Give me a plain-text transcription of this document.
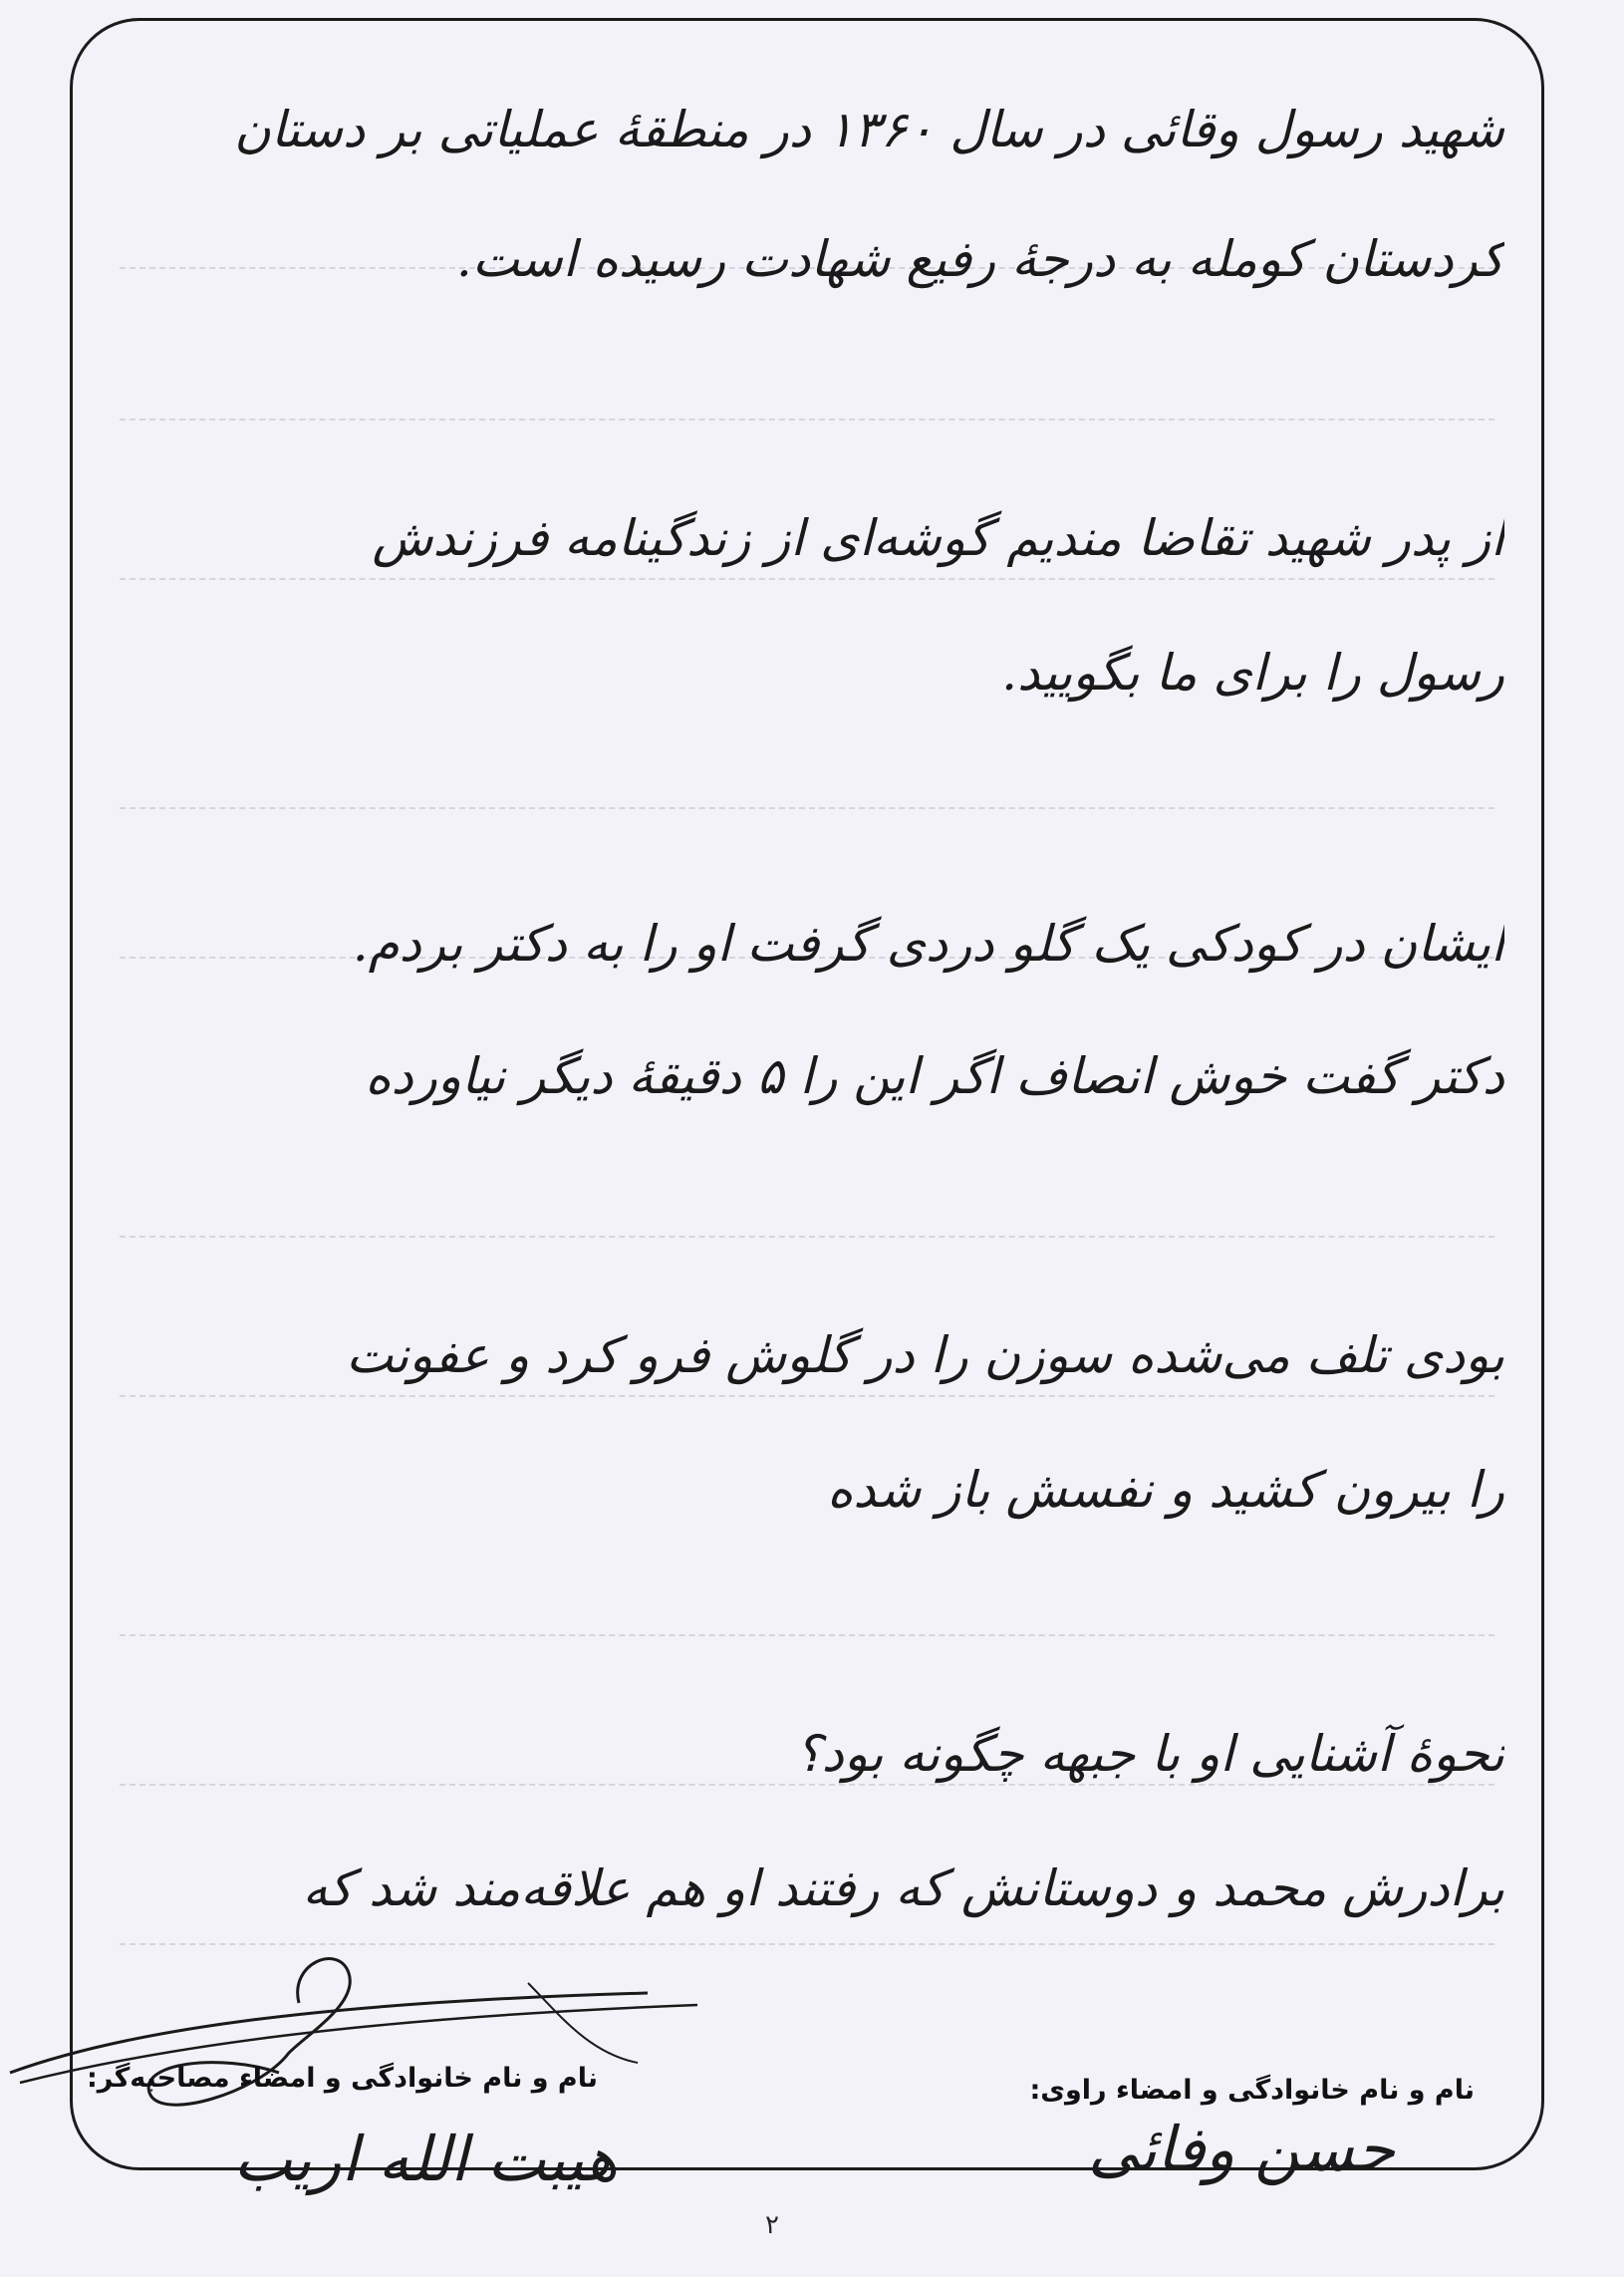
شهید رسول وقائی در سال ۱۳۶۰ در منطقهٔ عملیاتی بر دستان
کردستان کومله به درجهٔ رفیع شهادت رسیده است.
از پدر شهید تقاضا مندیم گوشه‌ای از زندگینامه فرزندش
رسول را برای ما بگویید.
ایشان در کودکی یک گلو دردی گرفت او را به دکتر بردم.
دکتر گفت خوش انصاف اگر این را ۵ دقیقهٔ دیگر نیاورده
بودی تلف می‌شده سوزن را در گلوش فرو کرد و عفونت
را بیرون کشید و نفسش باز شده
نحوهٔ آشنایی او با جبهه چگونه بود؟
برادرش محمد و دوستانش که رفتند او هم علاقه‌مند شد که
نام و نام خانوادگی و امضاء مصاحبه‌گر:	نام و نام خانوادگی و امضاء راوی:
هیبت الله اریب	حسن وفائی
۲
